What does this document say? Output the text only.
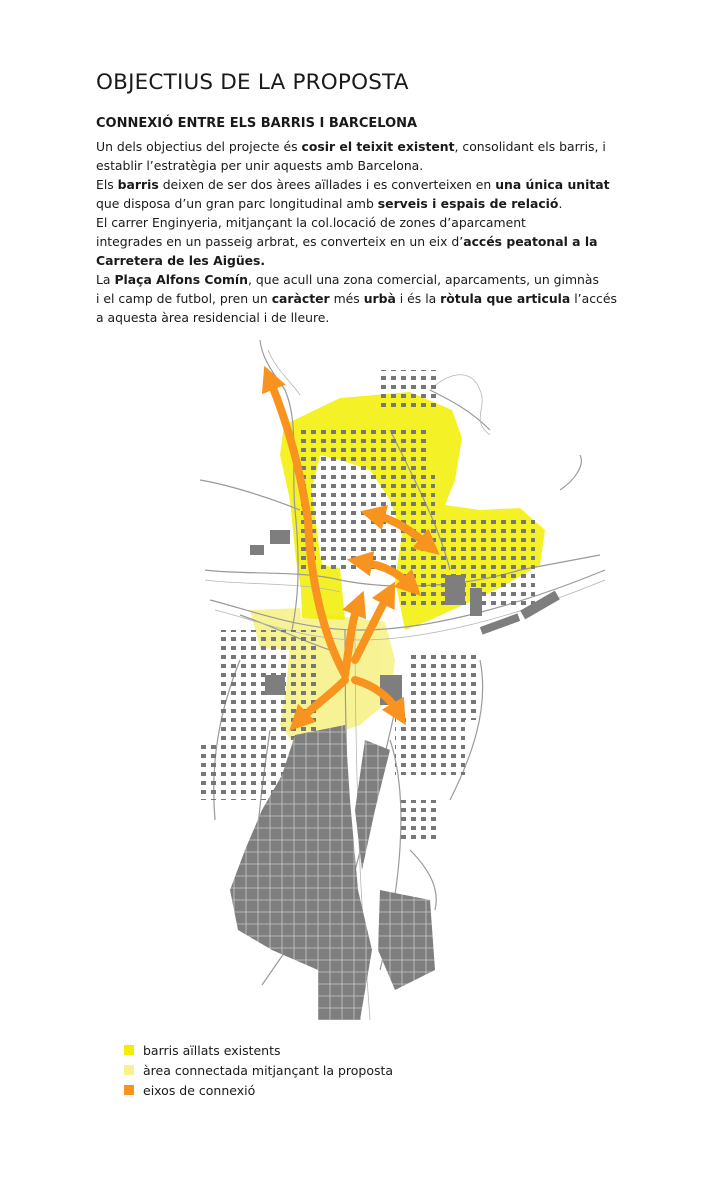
OBJECTIUS DE LA PROPOSTA
CONNEXIÓ ENTRE ELS BARRIS I BARCELONA

Un dels objectius del projecte és cosir el teixit existent, consolidant els barris, i

establir l’estratègia per unir aquests amb Barcelona.

Els barris deixen de ser dos àrees aïllades i es converteixen en una única unitat

que disposa d’un gran parc longitudinal amb serveis i espais de relació.

El carrer Enginyeria, mitjançant la col.locació de zones d’aparcament

integrades en un passeig arbrat, es converteix en un eix d’accés peatonal a la

Carretera de les Aigües.

La Plaça Alfons Comín, que acull una zona comercial, aparcaments, un gimnàs

i el camp de futbol, pren un caràcter més urbà i és la ròtula que articula l’accés

a aquesta àrea residencial i de lleure.

barris aïllats existents
àrea connectada mitjançant la proposta
eixos de connexió
